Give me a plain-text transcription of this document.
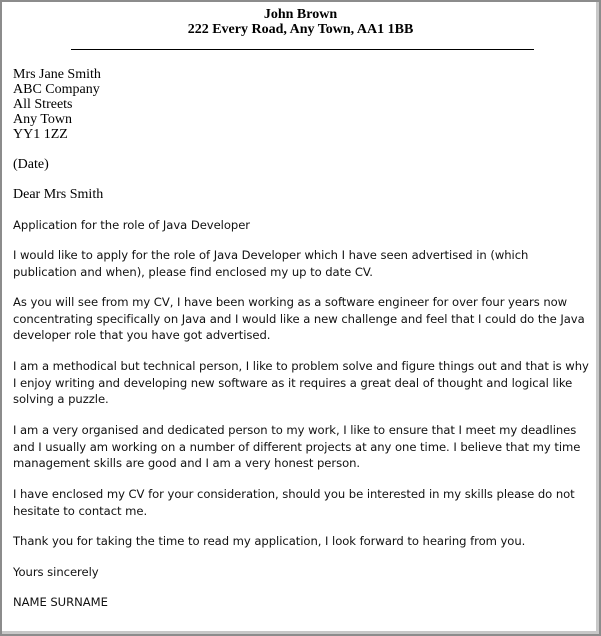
John Brown
222 Every Road, Any Town, AA1 1BB
Mrs Jane Smith
ABC Company
All Streets
Any Town
YY1 1ZZ
(Date)
Dear Mrs Smith
Application for the role of Java Developer
I would like to apply for the role of Java Developer which I have seen advertised in (which publication and when), please find enclosed my up to date CV.
As you will see from my CV, I have been working as a software engineer for over four years now concentrating specifically on Java and I would like a new challenge and feel that I could do the Java developer role that you have got advertised.
I am a methodical but technical person, I like to problem solve and figure things out and that is why I enjoy writing and developing new software as it requires a great deal of thought and logical like solving a puzzle.
I am a very organised and dedicated person to my work, I like to ensure that I meet my deadlines and I usually am working on a number of different projects at any one time. I believe that my time management skills are good and I am a very honest person.
I have enclosed my CV for your consideration, should you be interested in my skills please do not hesitate to contact me.
Thank you for taking the time to read my application, I look forward to hearing from you.
Yours sincerely
NAME SURNAME
